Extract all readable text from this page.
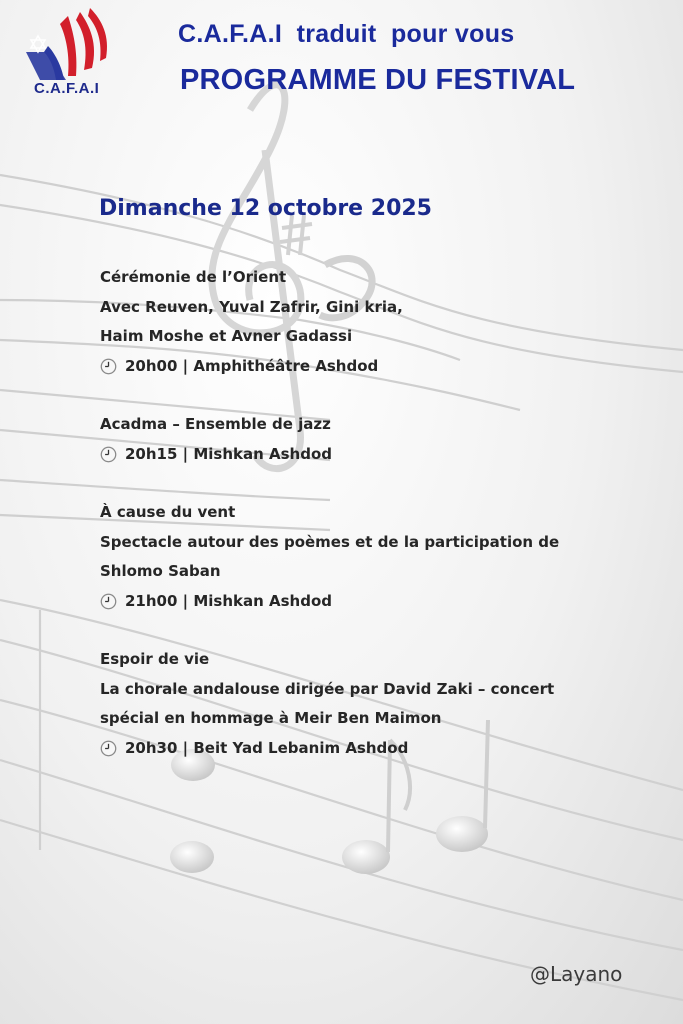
C.A.F.A.I
C.A.F.A.I  traduit  pour vous
PROGRAMME DU FESTIVAL
Dimanche 12 octobre 2025
Cérémonie de l’Orient
Avec Reuven, Yuval Zafrir, Gini kria,
Haim Moshe et Avner Gadassi
20h00 | Amphithéâtre Ashdod
Acadma – Ensemble de jazz
20h15 | Mishkan Ashdod
À cause du vent
Spectacle autour des poèmes et de la participation de
Shlomo Saban
21h00 | Mishkan Ashdod
Espoir de vie
La chorale andalouse dirigée par David Zaki – concert
spécial en hommage à Meir Ben Maimon
20h30 | Beit Yad Lebanim Ashdod
@Layano
